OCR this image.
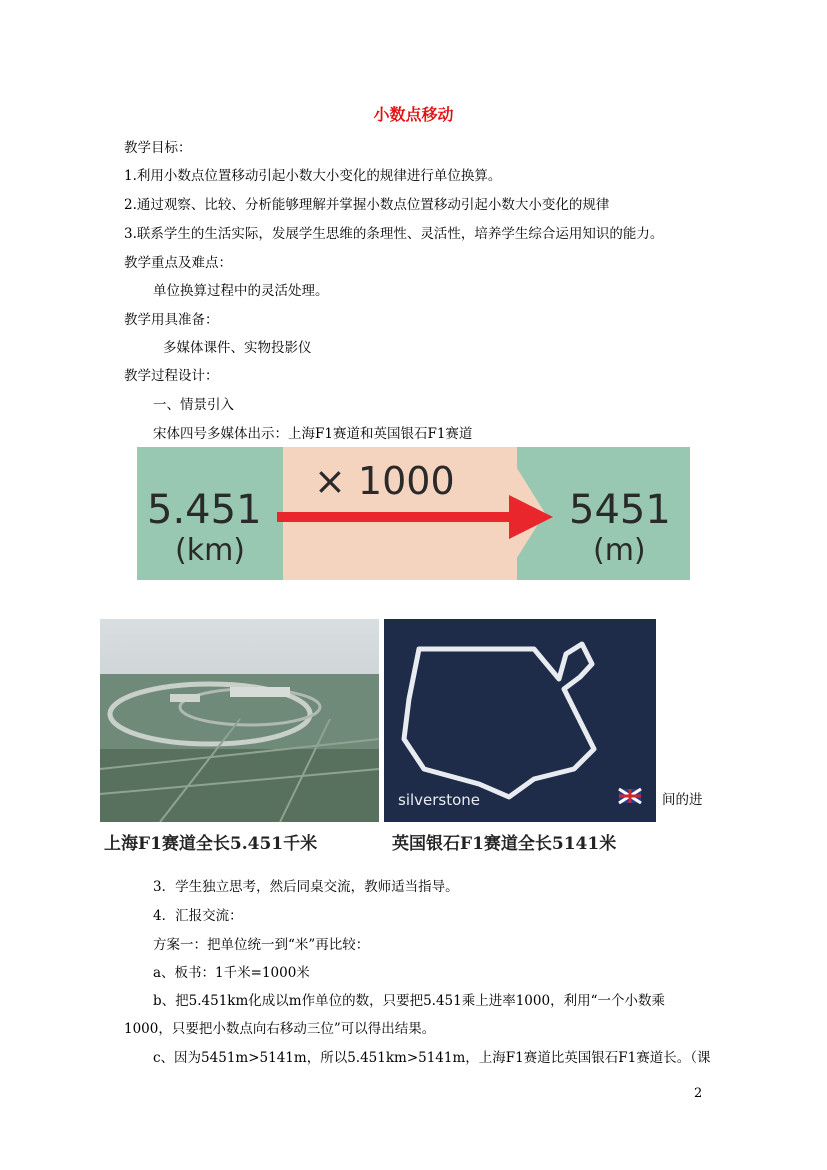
小数点移动
教学目标：
1.利用小数点位置移动引起小数大小变化的规律进行单位换算。
2.通过观察、比较、分析能够理解并掌握小数点位置移动引起小数大小变化的规律
3.联系学生的生活实际，发展学生思维的条理性、灵活性，培养学生综合运用知识的能力。
教学重点及难点：
单位换算过程中的灵活处理。
教学用具准备：
多媒体课件、实物投影仪
教学过程设计：
一、情景引入
宋体四号多媒体出示：上海F1赛道和英国银石F1赛道
× 1000
5.451
(km)
5451
(m)
间的进
silverstone
上海F1赛道全长5.451千米	英国银石F1赛道全长5141米
3．学生独立思考，然后同桌交流，教师适当指导。
4．汇报交流：
方案一：把单位统一到“米”再比较：
a、板书：1千米=1000米
b、把5.451km化成以m作单位的数，只要把5.451乘上进率1000，利用“一个小数乘
1000，只要把小数点向右移动三位”可以得出结果。
c、因为5451m>5141m，所以5.451km>5141m，上海F1赛道比英国银石F1赛道长。（课
2
